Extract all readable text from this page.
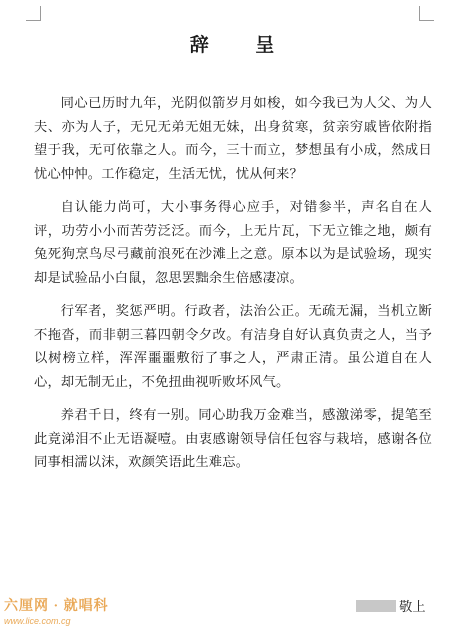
辞 呈

同心已历时九年，光阴似箭岁月如梭，如今我已为人父、为人夫、亦为人子，无兄无弟无姐无妹，出身贫寒，贫亲穷戚皆依附指望于我，无可依靠之人。而今，三十而立，梦想虽有小成，然成日忧心忡忡。工作稳定，生活无忧，忧从何来？

自认能力尚可，大小事务得心应手，对错参半，声名自在人评，功劳小小而苦劳泛泛。而今，上无片瓦，下无立锥之地，颇有兔死狗烹鸟尽弓藏前浪死在沙滩上之意。原本以为是试验场，现实却是试验品小白鼠，忽思罢黜余生倍感凄凉。

行军者，奖惩严明。行政者，法治公正。无疏无漏，当机立断不拖沓，而非朝三暮四朝令夕改。有洁身自好认真负责之人，当予以树榜立样，浑浑噩噩敷衍了事之人，严肃正清。虽公道自在人心，却无制无止，不免扭曲视听败坏风气。

养君千日，终有一别。同心助我万金难当，感激涕零，提笔至此竟涕泪不止无语凝噎。由衷感谢领导信任包容与栽培，感谢各位同事相濡以沫，欢颜笑语此生难忘。

敬上
六厘网 · 就唱科
www.lice.com.cg
